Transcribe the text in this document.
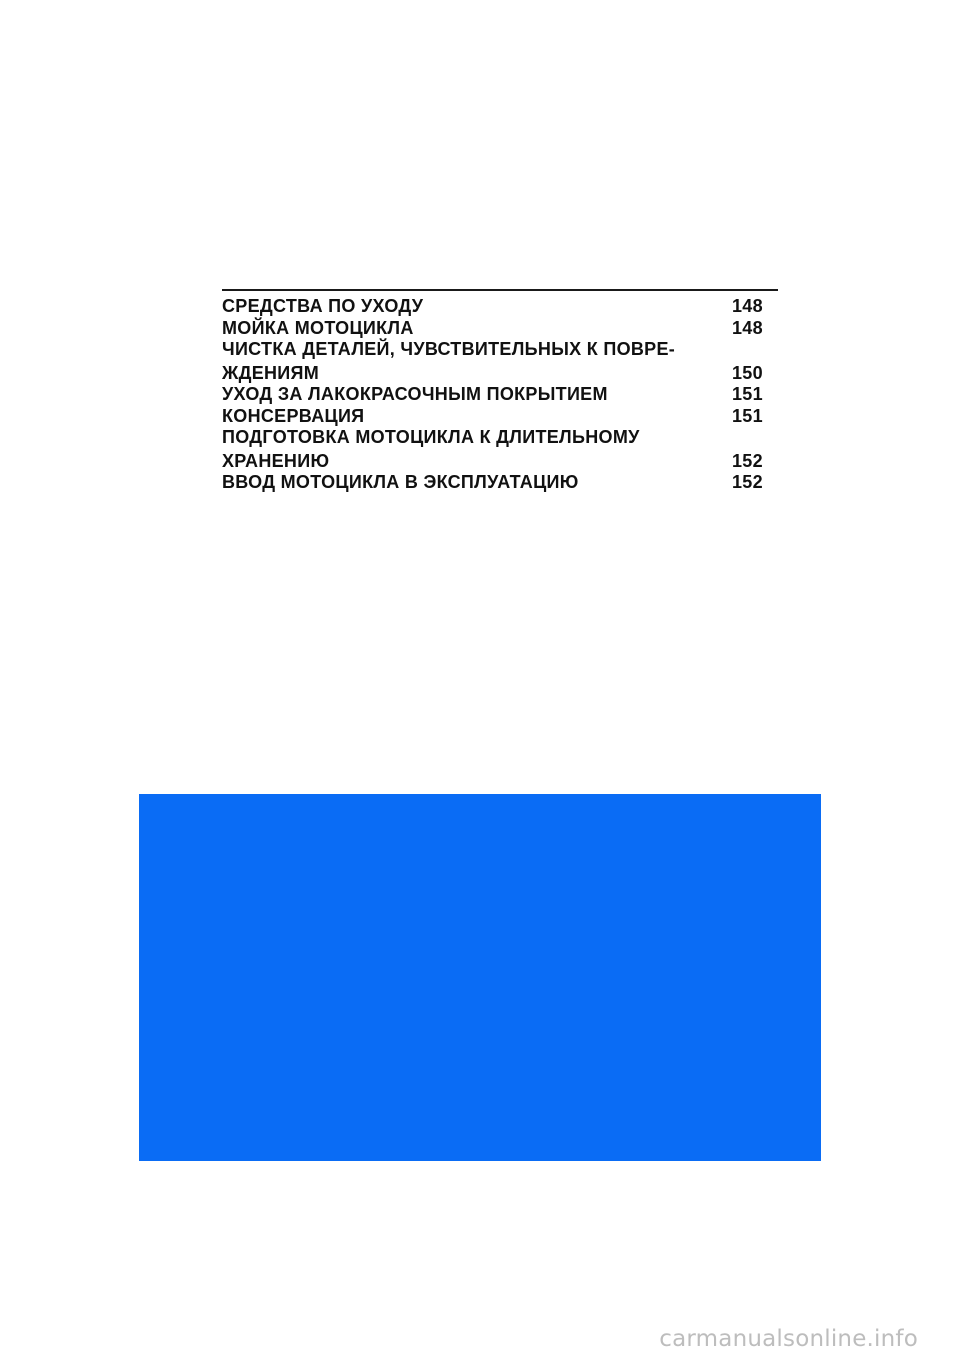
СРЕДСТВА ПО УХОДУ	148
МОЙКА МОТОЦИКЛА	148
ЧИСТКА ДЕТАЛЕЙ, ЧУВСТВИТЕЛЬНЫХ К ПОВРЕ-
ЖДЕНИЯМ	150
УХОД ЗА ЛАКОКРАСОЧНЫМ ПОКРЫТИЕМ	151
КОНСЕРВАЦИЯ	151
ПОДГОТОВКА МОТОЦИКЛА К ДЛИТЕЛЬНОМУ
ХРАНЕНИЮ	152
ВВОД МОТОЦИКЛА В ЭКСПЛУАТАЦИЮ	152
carmanualsonline.info
